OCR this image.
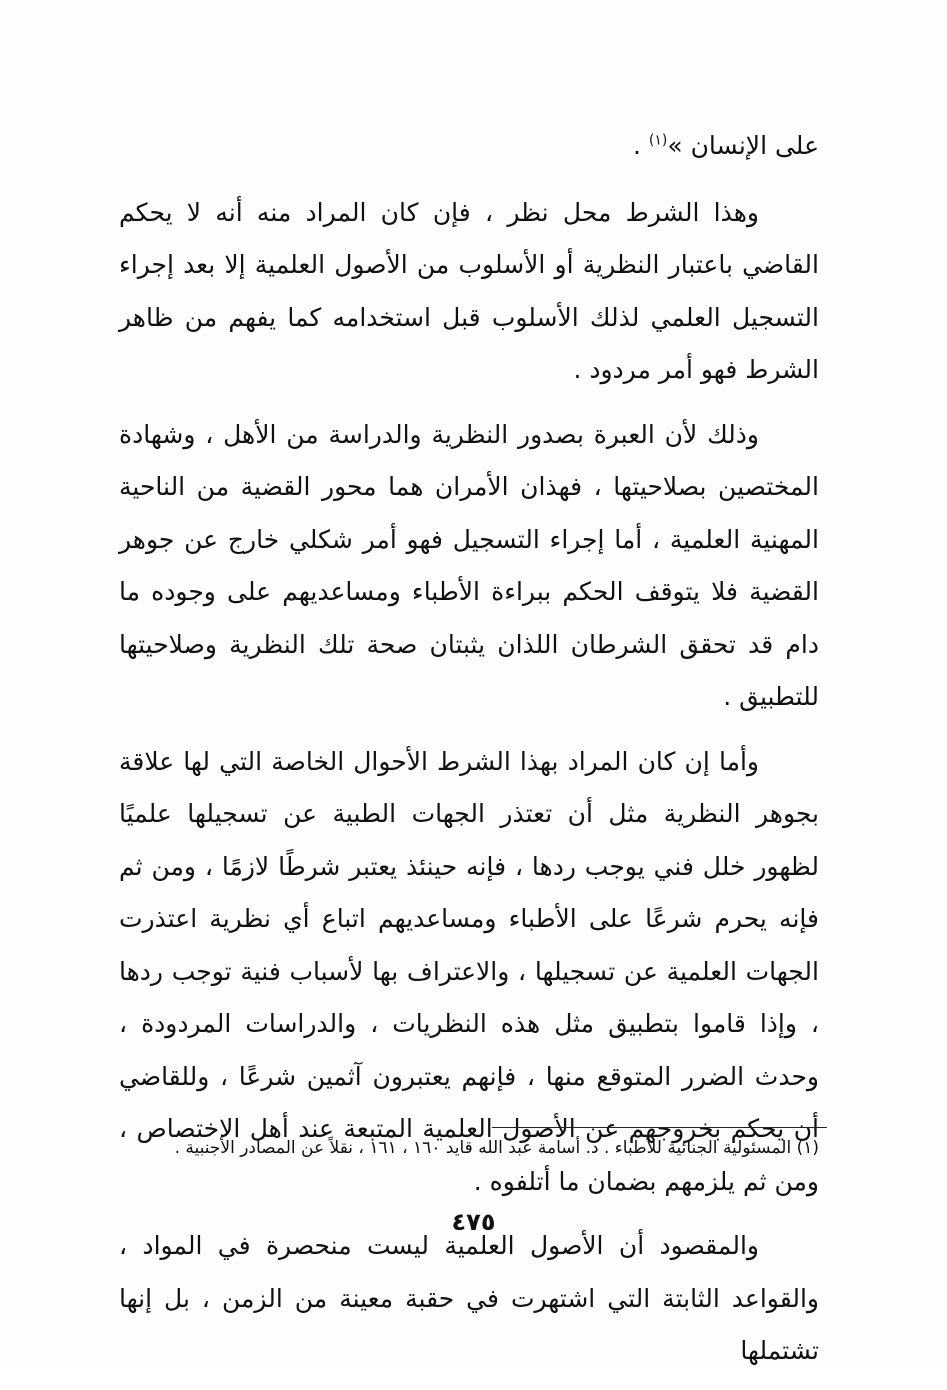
على الإنسان »$^{(١)}$ .

وهذا الشرط محل نظر ، فإن كان المراد منه أنه لا يحكم القاضي باعتبار النظرية أو الأسلوب من الأصول العلمية إلا بعد إجراء التسجيل العلمي لذلك الأسلوب قبل استخدامه كما يفهم من ظاهر الشرط فهو أمر مردود .

وذلك لأن العبرة بصدور النظرية والدراسة من الأهل ، وشهادة المختصين بصلاحيتها ، فهذان الأمران هما محور القضية من الناحية المهنية العلمية ، أما إجراء التسجيل فهو أمر شكلي خارج عن جوهر القضية فلا يتوقف الحكم ببراءة الأطباء ومساعديهم على وجوده ما دام قد تحقق الشرطان اللذان يثبتان صحة تلك النظرية وصلاحيتها للتطبيق .

وأما إن كان المراد بهذا الشرط الأحوال الخاصة التي لها علاقة بجوهر النظرية مثل أن تعتذر الجهات الطبية عن تسجيلها علميًا لظهور خلل فني يوجب ردها ، فإنه حينئذ يعتبر شرطًا لازمًا ، ومن ثم فإنه يحرم شرعًا على الأطباء ومساعديهم اتباع أي نظرية اعتذرت الجهات العلمية عن تسجيلها ، والاعتراف بها لأسباب فنية توجب ردها ، وإذا قاموا بتطبيق مثل هذه النظريات ، والدراسات المردودة ، وحدث الضرر المتوقع منها ، فإنهم يعتبرون آثمين شرعًا ، وللقاضي أن يحكم بخروجهم عن الأصول العلمية المتبعة عند أهل الاختصاص ، ومن ثم يلزمهم بضمان ما أتلفوه .

والمقصود أن الأصول العلمية ليست منحصرة في المواد ، والقواعد الثابتة التي اشتهرت في حقبة معينة من الزمن ، بل إنها تشتملها

(١) المسئولية الجنائية للأطباء . د. أسامة عبد الله قايد ١٦٠ ، ١٦١ ، نقلاً عن المصادر الأجنبية .
٤٧٥
